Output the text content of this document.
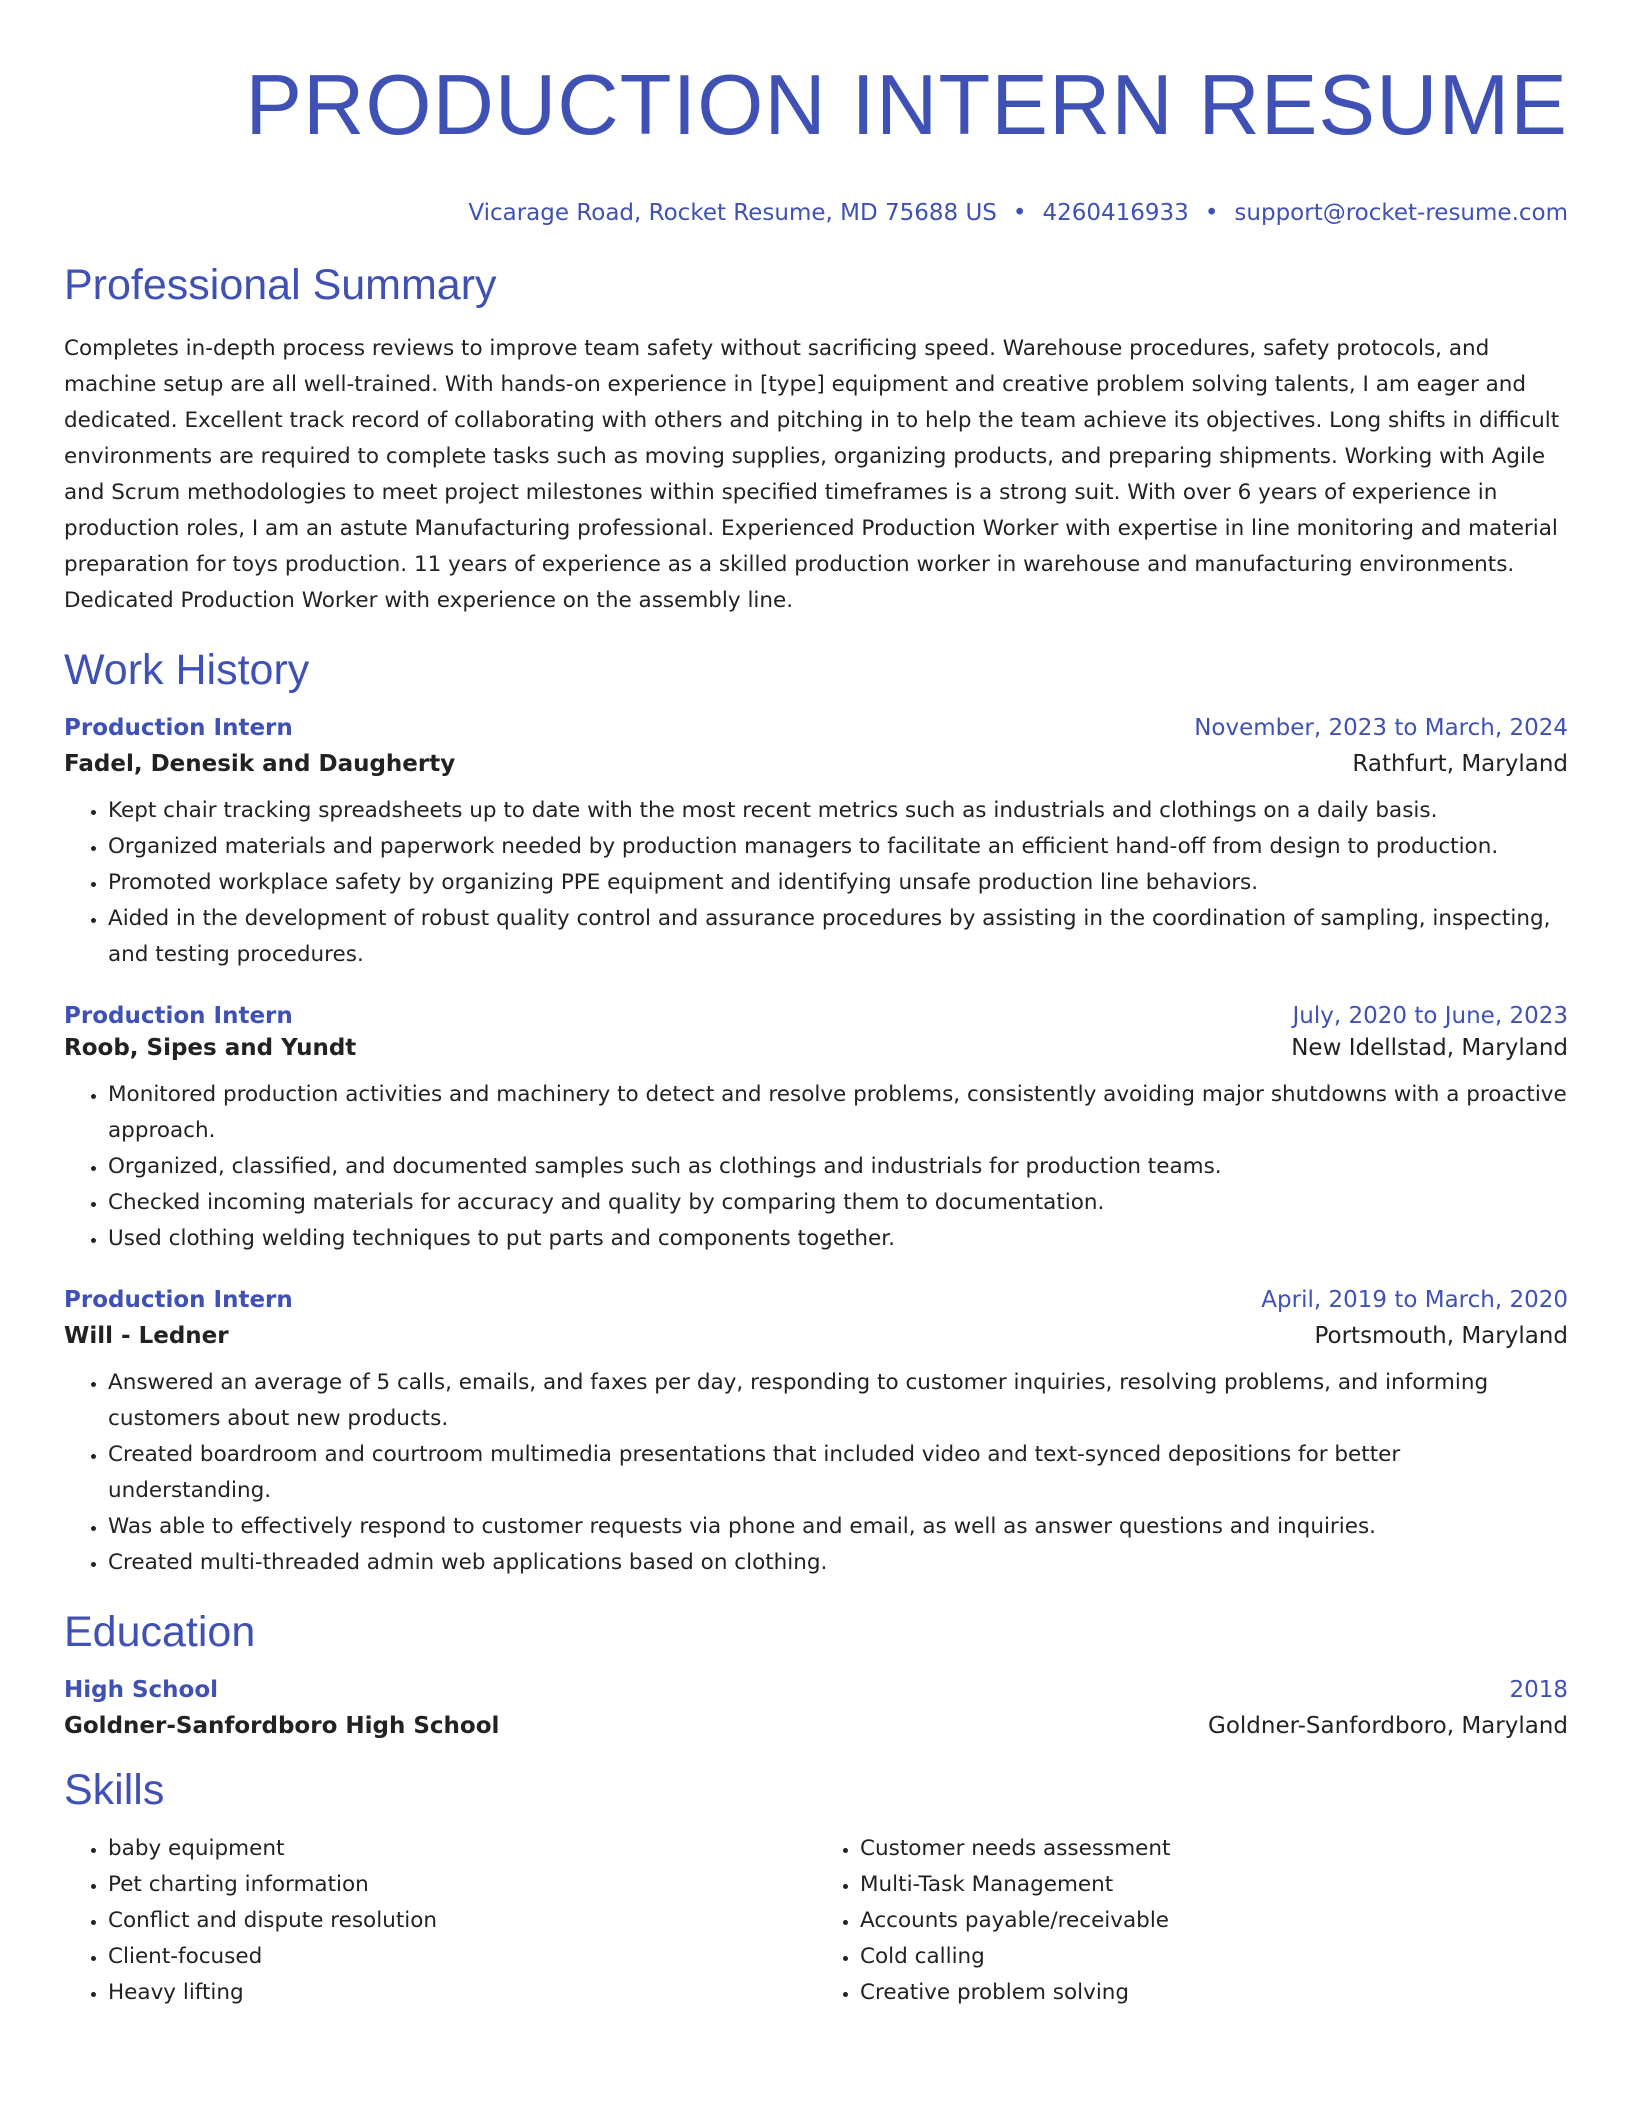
PRODUCTION INTERN RESUME
Vicarage Road, Rocket Resume, MD 75688 US • 4260416933 • support@rocket-resume.com
Professional Summary
Completes in-depth process reviews to improve team safety without sacrificing speed. Warehouse procedures, safety protocols, and machine setup are all well-trained. With hands-on experience in [type] equipment and creative problem solving talents, I am eager and dedicated. Excellent track record of collaborating with others and pitching in to help the team achieve its objectives. Long shifts in difficult environments are required to complete tasks such as moving supplies, organizing products, and preparing shipments. Working with Agile and Scrum methodologies to meet project milestones within specified timeframes is a strong suit. With over 6 years of experience in production roles, I am an astute Manufacturing professional. Experienced Production Worker with expertise in line monitoring and material preparation for toys production. 11 years of experience as a skilled production worker in warehouse and manufacturing environments. Dedicated Production Worker with experience on the assembly line.
Work History
Production Intern	November, 2023 to March, 2024
Fadel, Denesik and Daugherty	Rathfurt, Maryland
• Kept chair tracking spreadsheets up to date with the most recent metrics such as industrials and clothings on a daily basis.
• Organized materials and paperwork needed by production managers to facilitate an efficient hand-off from design to production.
• Promoted workplace safety by organizing PPE equipment and identifying unsafe production line behaviors.
• Aided in the development of robust quality control and assurance procedures by assisting in the coordination of sampling, inspecting, and testing procedures.
Production Intern	July, 2020 to June, 2023
Roob, Sipes and Yundt	New Idellstad, Maryland
• Monitored production activities and machinery to detect and resolve problems, consistently avoiding major shutdowns with a proactive approach.
• Organized, classified, and documented samples such as clothings and industrials for production teams.
• Checked incoming materials for accuracy and quality by comparing them to documentation.
• Used clothing welding techniques to put parts and components together.
Production Intern	April, 2019 to March, 2020
Will - Ledner	Portsmouth, Maryland
• Answered an average of 5 calls, emails, and faxes per day, responding to customer inquiries, resolving problems, and informing customers about new products.
• Created boardroom and courtroom multimedia presentations that included video and text-synced depositions for better understanding.
• Was able to effectively respond to customer requests via phone and email, as well as answer questions and inquiries.
• Created multi-threaded admin web applications based on clothing.
Education
High School	2018
Goldner-Sanfordboro High School	Goldner-Sanfordboro, Maryland
Skills
• baby equipment
• Pet charting information
• Conflict and dispute resolution
• Client-focused
• Heavy lifting
• Customer needs assessment
• Multi-Task Management
• Accounts payable/receivable
• Cold calling
• Creative problem solving
